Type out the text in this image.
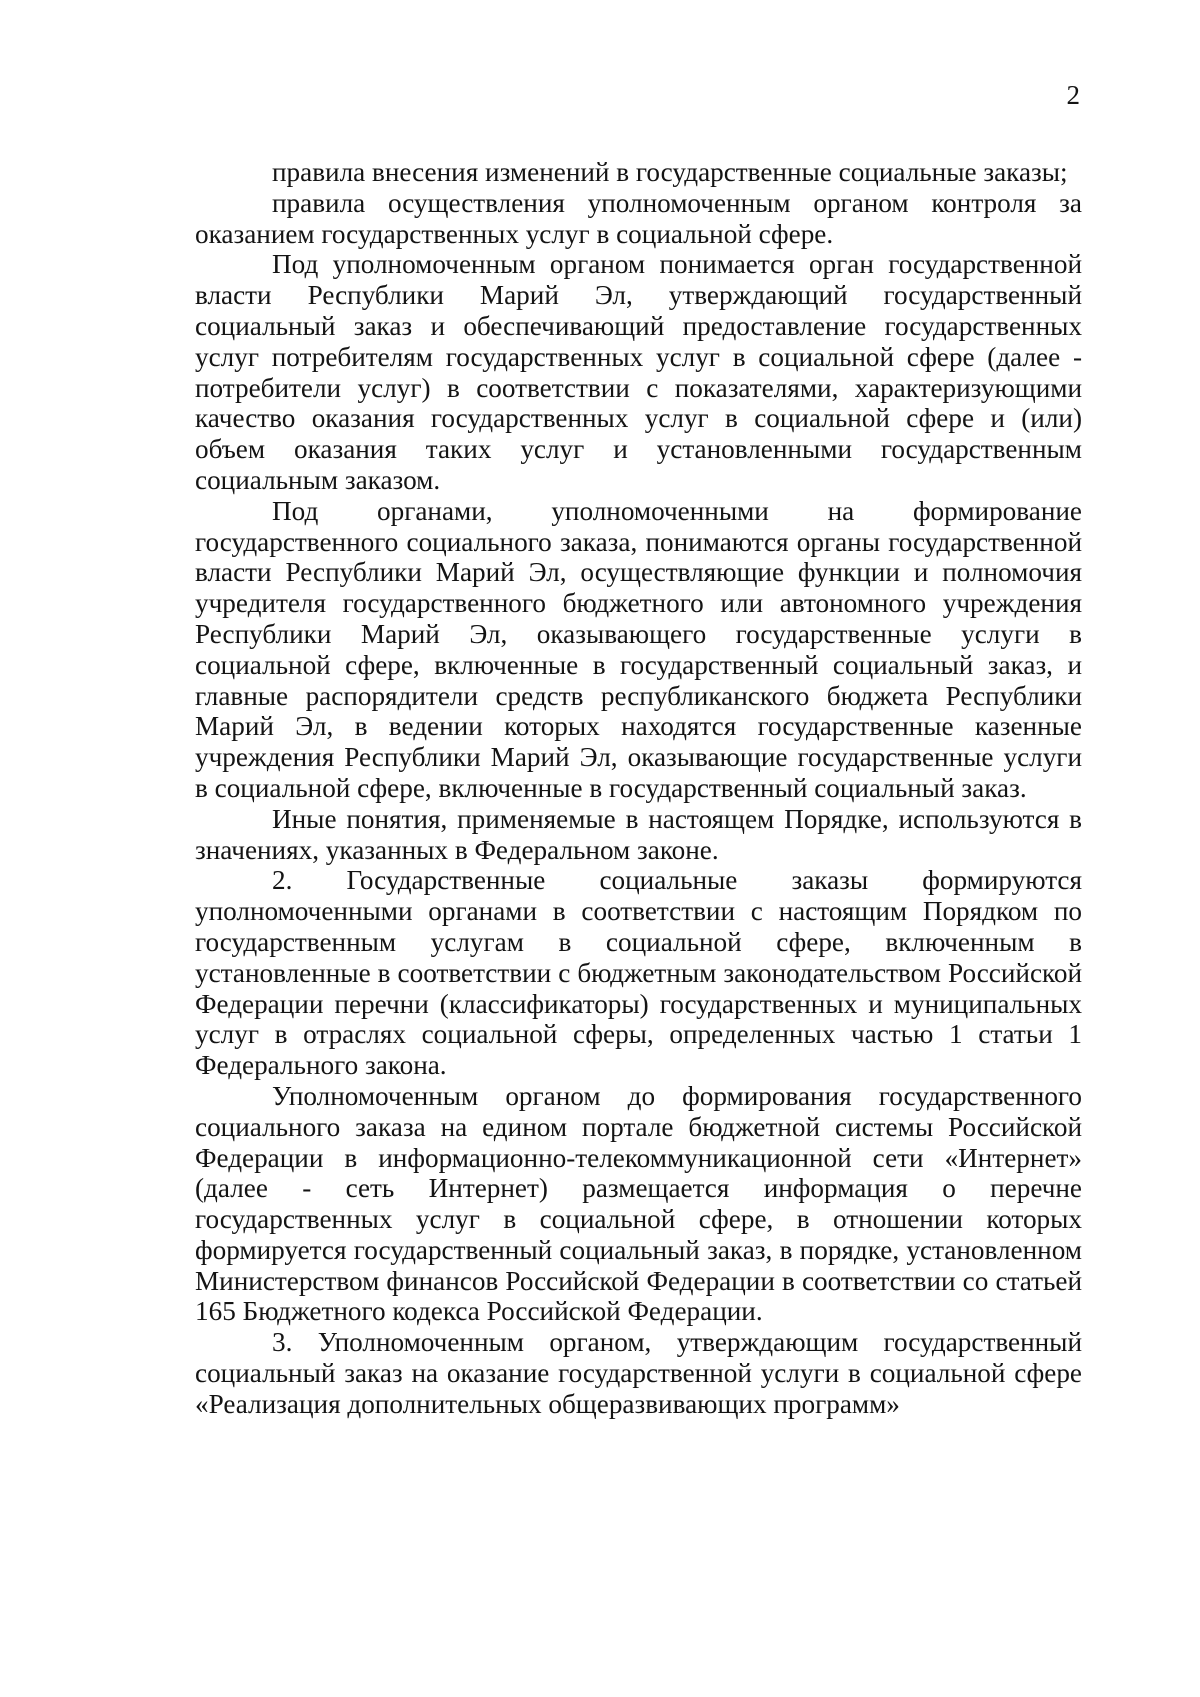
2

правила внесения изменений в государственные социальные заказы;

правила осуществления уполномоченным органом контроля за оказанием государственных услуг в социальной сфере.

Под уполномоченным органом понимается орган государственной власти Республики Марий Эл, утверждающий государственный социальный заказ и обеспечивающий предоставление государственных услуг потребителям государственных услуг в социальной сфере (далее - потребители услуг) в соответствии с показателями, характеризующими качество оказания государственных услуг в социальной сфере и (или) объем оказания таких услуг и установленными государственным социальным заказом.

Под органами, уполномоченными на формирование государственного социального заказа, понимаются органы государственной власти Республики Марий Эл, осуществляющие функции и полномочия учредителя государственного бюджетного или автономного учреждения Республики Марий Эл, оказывающего государственные услуги в социальной сфере, включенные в государственный социальный заказ, и главные распорядители средств республиканского бюджета Республики Марий Эл, в ведении которых находятся государственные казенные учреждения Республики Марий Эл, оказывающие государственные услуги в социальной сфере, включенные в государственный социальный заказ.

Иные понятия, применяемые в настоящем Порядке, используются в значениях, указанных в Федеральном законе.

2. Государственные социальные заказы формируются уполномоченными органами в соответствии с настоящим Порядком по государственным услугам в социальной сфере, включенным в установленные в соответствии с бюджетным законодательством Российской Федерации перечни (классификаторы) государственных и муниципальных услуг в отраслях социальной сферы, определенных частью 1 статьи 1 Федерального закона.

Уполномоченным органом до формирования государственного социального заказа на едином портале бюджетной системы Российской Федерации в информационно-телекоммуникационной сети «Интернет» (далее - сеть Интернет) размещается информация о перечне государственных услуг в социальной сфере, в отношении которых формируется государственный социальный заказ, в порядке, установленном Министерством финансов Российской Федерации в соответствии со статьей 165 Бюджетного кодекса Российской Федерации.

3. Уполномоченным органом, утверждающим государственный социальный заказ на оказание государственной услуги в социальной сфере «Реализация дополнительных общеразвивающих программ»
